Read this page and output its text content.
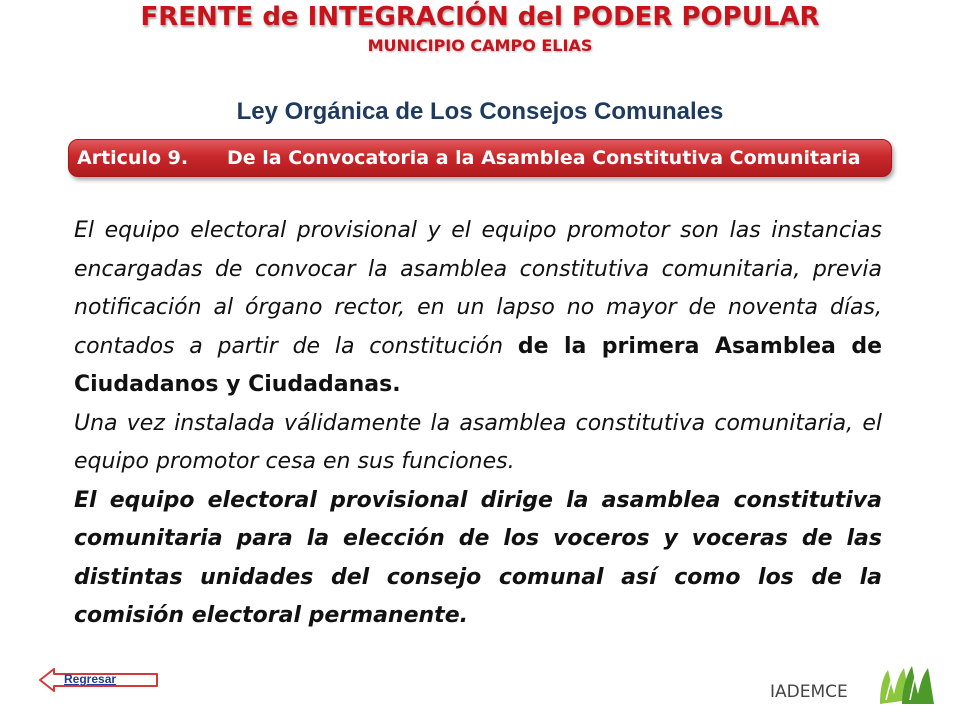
FRENTE de INTEGRACIÓN del PODER POPULAR
MUNICIPIO CAMPO ELIAS
Ley Orgánica de Los Consejos Comunales
Articulo 9. De la Convocatoria a la Asamblea Constitutiva Comunitaria

El equipo electoral provisional y el equipo promotor son las instancias encargadas de convocar la asamblea constitutiva comunitaria, previa notificación al órgano rector, en un lapso no mayor de noventa días, contados a partir de la constitución de la primera Asamblea de Ciudadanos y Ciudadanas.

Una vez instalada válidamente la asamblea constitutiva comunitaria, el equipo promotor cesa en sus funciones.

El equipo electoral provisional dirige la asamblea constitutiva comunitaria para la elección de los voceros y voceras de las distintas unidades del consejo comunal así como los de la comisión electoral permanente.

Regresar
IADEMCE
